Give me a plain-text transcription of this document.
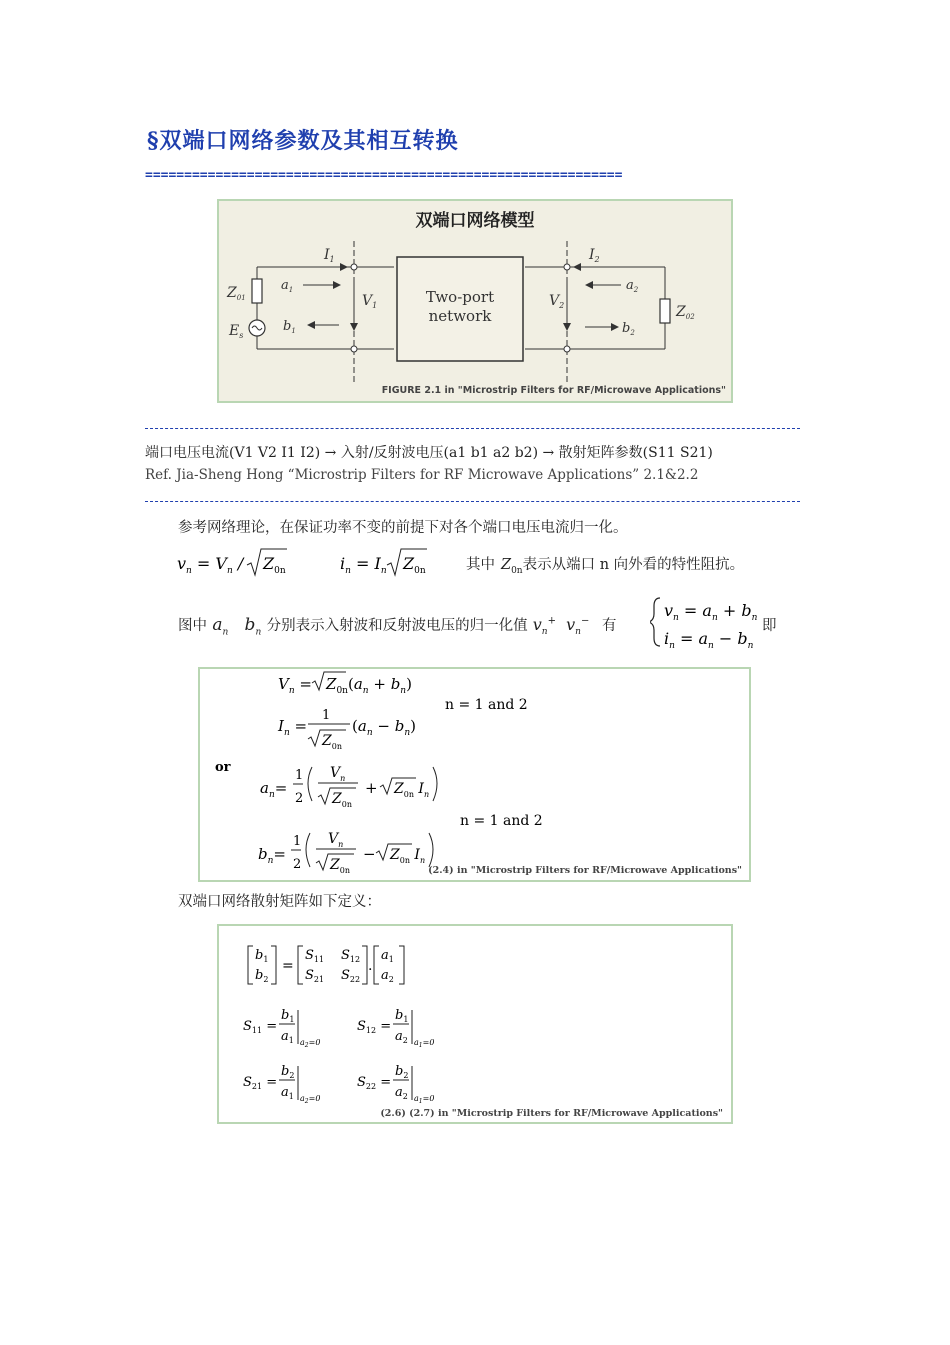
§双端口网络参数及其相互转换
=============================================================
双端口网络模型
Two-port
network
$I_1$	$I_2$
$V_1$	$V_2$
$a_1$
$b_1$
$a_2$
$b_2$
$Z_{01}$
$E_s$
$Z_{02}$
FIGURE 2.1 in "Microstrip Filters for RF/Microwave Applications"
端口电压电流(V1 V2 I1 I2) → 入射/反射波电压(a1 b1 a2 b2) → 散射矩阵参数(S11 S21)
Ref. Jia-Sheng Hong “Microstrip Filters for RF Microwave Applications” 2.1&2.2
参考网络理论，在保证功率不变的前提下对各个端口电压电流归一化。
$v_n = V_n / Z_{0n}$	$i_n = I_n$ $Z_{0n}$	其中 $Z_{0n}$表示从端口 n 向外看的特性阻抗。
图中 $a_n$   $b_n$ 分别表示入射波和反射波电压的归一化值 $v_n^+$  $v_n^-$ 有
$v_n = a_n + b_n$
$i_n = a_n - b_n$
即
$V_n = Z_{0n}(a_n + b_n)$
$I_n$ =
1
$Z_{0n}$
$(a_n - b_n)$
n = 1 and 2
or
$a_n=$
1
2
$V_n$
$Z_{0n}$
+ $Z_{0n}$ $I_n$
n = 1 and 2
$b_n=$
1
2
$V_n$
$Z_{0n}$
− $Z_{0n}$ $I_n$
(2.4) in "Microstrip Filters for RF/Microwave Applications"
双端口网络散射矩阵如下定义：
$b_1$
$b_2$
=
$S_{11}$ $S_{12}$
$S_{21}$ $S_{22}$
.
$a_1$
$a_2$
$S_{11}$ =
$b_1$
$a_1$ $a_2=0$
$S_{12}$ =
$b_1$
$a_2$ $a_1=0$
$S_{21}$ =
$b_2$
$a_1$ $a_2=0$
$S_{22}$ =
$b_2$
$a_2$ $a_1=0$
(2.6) (2.7) in "Microstrip Filters for RF/Microwave Applications"
